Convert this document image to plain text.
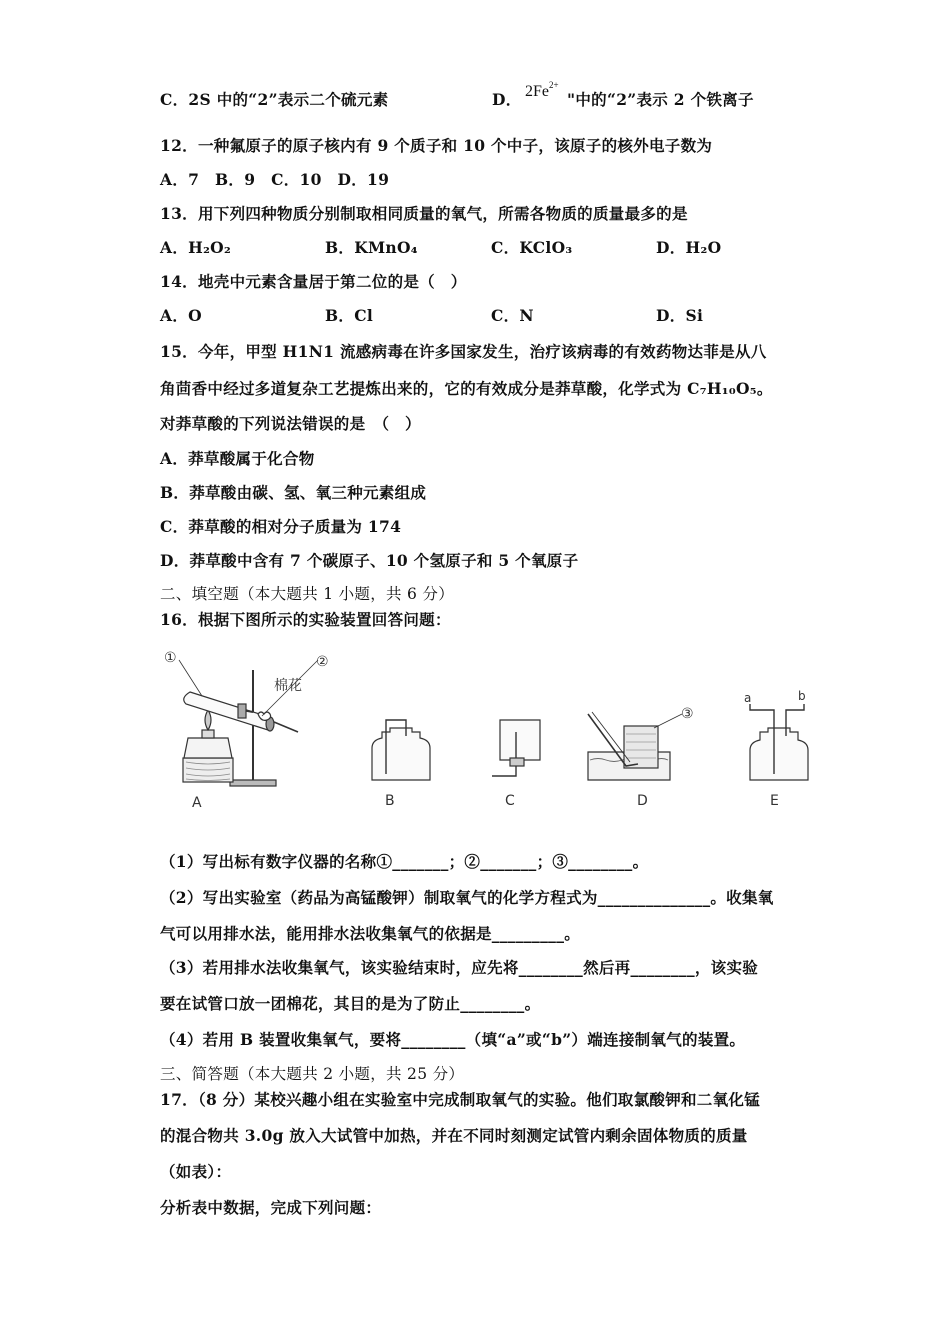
C．2S 中的“2”表示二个硫元素	D． $2Fe^{2+}$
"中的“2”表示 2 个铁离子
12．一种氟原子的原子核内有 9 个质子和 10 个中子，该原子的核外电子数为
A．7　B．9　C．10　D．19
13．用下列四种物质分别制取相同质量的氧气，所需各物质的质量最多的是
A．H₂O₂	B．KMnO₄	C．KClO₃	D．H₂O
14．地壳中元素含量居于第二位的是（　）
A．O	B．Cl	C．N	D．Si
15．今年，甲型 H1N1 流感病毒在许多国家发生，治疗该病毒的有效药物达菲是从八
角茴香中经过多道复杂工艺提炼出来的，它的有效成分是莽草酸，化学式为 C₇H₁₀O₅。
对莽草酸的下列说法错误的是　（　）
A．莽草酸属于化合物
B．莽草酸由碳、氢、氧三种元素组成
C．莽草酸的相对分子质量为 174
D．莽草酸中含有 7 个碳原子、10 个氢原子和 5 个氧原子
二、填空题（本大题共 1 小题，共 6 分）
16．根据下图所示的实验装置回答问题：
①	②
③
棉花
a	b
A	B	C	D	E
（1）写出标有数字仪器的名称①_______；②_______；③________。
（2）写出实验室（药品为高锰酸钾）制取氧气的化学方程式为______________。收集氧
气可以用排水法，能用排水法收集氧气的依据是_________。
（3）若用排水法收集氧气，该实验结束时，应先将________然后再________，该实验
要在试管口放一团棉花，其目的是为了防止________。
（4）若用 B 装置收集氧气，要将________（填“a”或“b”）端连接制氧气的装置。
三、简答题（本大题共 2 小题，共 25 分）
17．（8 分）某校兴趣小组在实验室中完成制取氧气的实验。他们取氯酸钾和二氧化锰
的混合物共 3.0g 放入大试管中加热，并在不同时刻测定试管内剩余固体物质的质量
（如表）：
分析表中数据，完成下列问题：
